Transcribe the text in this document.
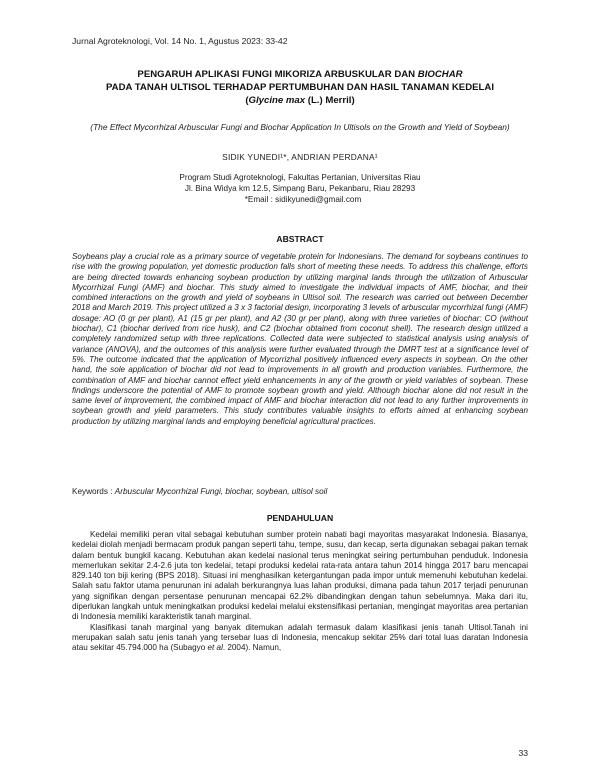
Jurnal Agroteknologi, Vol. 14 No. 1, Agustus 2023: 33-42
PENGARUH APLIKASI FUNGI MIKORIZA ARBUSKULAR DAN BIOCHAR
PADA TANAH ULTISOL TERHADAP PERTUMBUHAN DAN HASIL TANAMAN KEDELAI
(Glycine max (L.) Merril)
(The Effect Mycorrhizal Arbuscular Fungi and Biochar Application In Ultisols on the Growth and Yield of Soybean)
SIDIK YUNEDI¹*, ANDRIAN PERDANA¹
Program Studi Agroteknologi, Fakultas Pertanian, Universitas Riau
Jl. Bina Widya km 12.5, Simpang Baru, Pekanbaru, Riau 28293
*Email : sidikyunedi@gmail.com
ABSTRACT
Soybeans play a crucial role as a primary source of vegetable protein for Indonesians. The demand for soybeans continues to rise with the growing population, yet domestic production falls short of meeting these needs. To address this challenge, efforts are being directed towards enhancing soybean production by utilizing marginal lands through the utilization of Arbuscular Mycorrhizal Fungi (AMF) and biochar. This study aimed to investigate the individual impacts of AMF, biochar, and their combined interactions on the growth and yield of soybeans in Ultisol soil. The research was carried out between December 2018 and March 2019. This project utilized a 3 x 3 factorial design, incorporating 3 levels of arbuscular mycorrhizal fungi (AMF) dosage: AO (0 gr per plant), A1 (15 gr per plant), and A2 (30 gr per plant), along with three varieties of biochar: CO (without biochar), C1 (biochar derived from rice husk), and C2 (biochar obtained from coconut shell). The research design utilized a completely randomized setup with three replications. Collected data were subjected to statistical analysis using analysis of variance (ANOVA), and the outcomes of this analysis were further evaluated through the DMRT test at a significance level of 5%. The outcome indicated that the application of Mycorrizhal positively influenced every aspects in soybean. On the other hand, the sole application of biochar did not lead to improvements in all growth and production variables. Furthermore, the combination of AMF and biochar cannot effect yield enhancements in any of the growth or yield variables of soybean. These findings underscore the potential of AMF to promote soybean growth and yield. Although biochar alone did not result in the same level of improvement, the combined impact of AMF and biochar interaction did not lead to any further improvements in soybean growth and yield parameters. This study contributes valuable insights to efforts aimed at enhancing soybean production by utilizing marginal lands and employing beneficial agricultural practices.
Keywords : Arbuscular Mycorrhizal Fungi, biochar, soybean, ultisol soil
PENDAHULUAN

Kedelai memiliki peran vital sebagai kebutuhan sumber protein nabati bagi mayoritas masyarakat Indonesia. Biasanya, kedelai diolah menjadi bermacam produk pangan seperti tahu, tempe, susu, dan kecap, serta digunakan sebagai pakan ternak dalam bentuk bungkil kacang. Kebutuhan akan kedelai nasional terus meningkat seiring pertumbuhan penduduk. Indonesia memerlukan sekitar 2.4-2.6 juta ton kedelai, tetapi produksi kedelai rata-rata antara tahun 2014 hingga 2017 baru mencapai 829.140 ton biji kering (BPS 2018). Situasi ini menghasilkan ketergantungan pada impor untuk memenuhi kebutuhan kedelai. Salah satu faktor utama penurunan ini adalah berkurangnya luas lahan produksi, dimana pada tahun 2017 terjadi penurunan yang signifikan dengan persentase penurunan mencapai 62.2% dibandingkan dengan tahun sebelumnya. Maka dari itu, diperlukan langkah untuk meningkatkan produksi kedelai melalui ekstensifikasi pertanian, mengingat mayoritas area pertanian di Indonesia memiliki karakteristik tanah marginal.

Klasifikasi tanah marginal yang banyak ditemukan adalah termasuk dalam klasifikasi jenis tanah Ultisol.Tanah ini merupakan salah satu jenis tanah yang tersebar luas di Indonesia, mencakup sekitar 25% dari total luas daratan Indonesia atau sekitar 45.794.000 ha (Subagyo et al. 2004). Namun,

33
